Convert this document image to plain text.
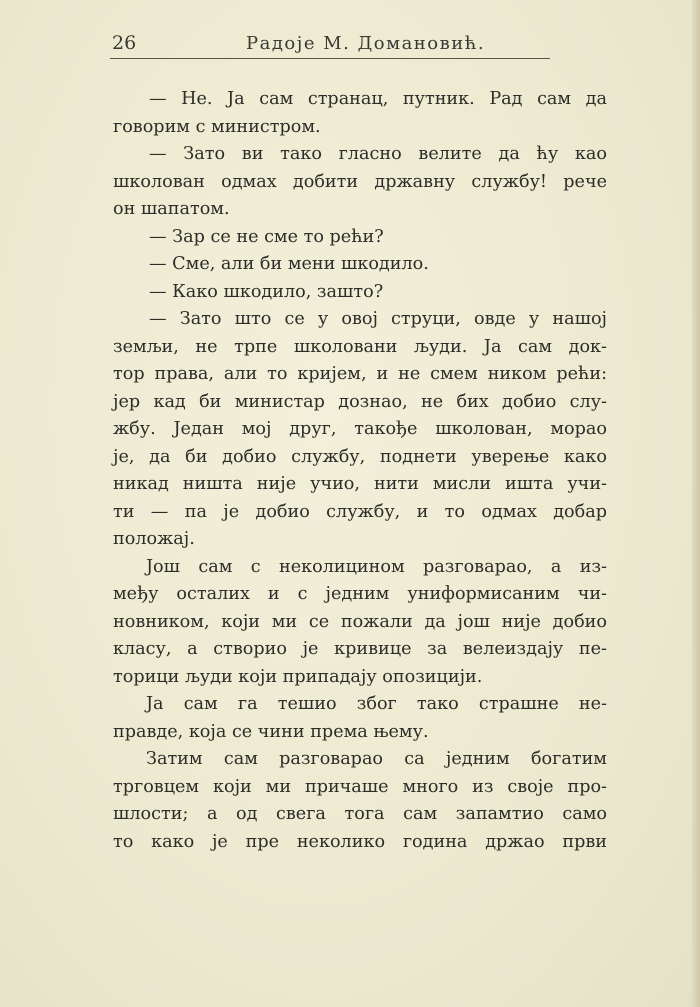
26	Радоје М. Домановић.
— Не. Ја сам странац, путник. Рад сам да
говорим с министром.
— Зато ви тако гласно велите да ћу као
школован одмах добити државну службу! рече
он шапатом.
— Зар се не сме то рећи?
— Сме, али би мени шкодило.
— Како шкодило, зашто?
— Зато што се у овој струци, овде у нашој
земљи, не трпе школовани људи. Ја сам док-
тор права, али то кријем, и не смем ником рећи:
јер кад би министар дознао, не бих добио слу-
жбу. Један мој друг, такође школован, морао
је, да би добио службу, поднети уверење како
никад ништа није учио, нити мисли ишта учи-
ти — па је добио службу, и то одмах добар
положај.
Још сам с неколицином разговарао, а из-
међу осталих и с једним униформисаним чи-
новником, који ми се пожали да још није добио
класу, а створио је кривице за велеиздају пе-
торици људи који припадају опозицији.
Ја сам га тешио због тако страшне не-
правде, која се чини према њему.
Затим сам разговарао са једним богатим
трговцем који ми причаше много из своје про-
шлости; а од свега тога сам запамтио само
то како је пре неколико година држао први
